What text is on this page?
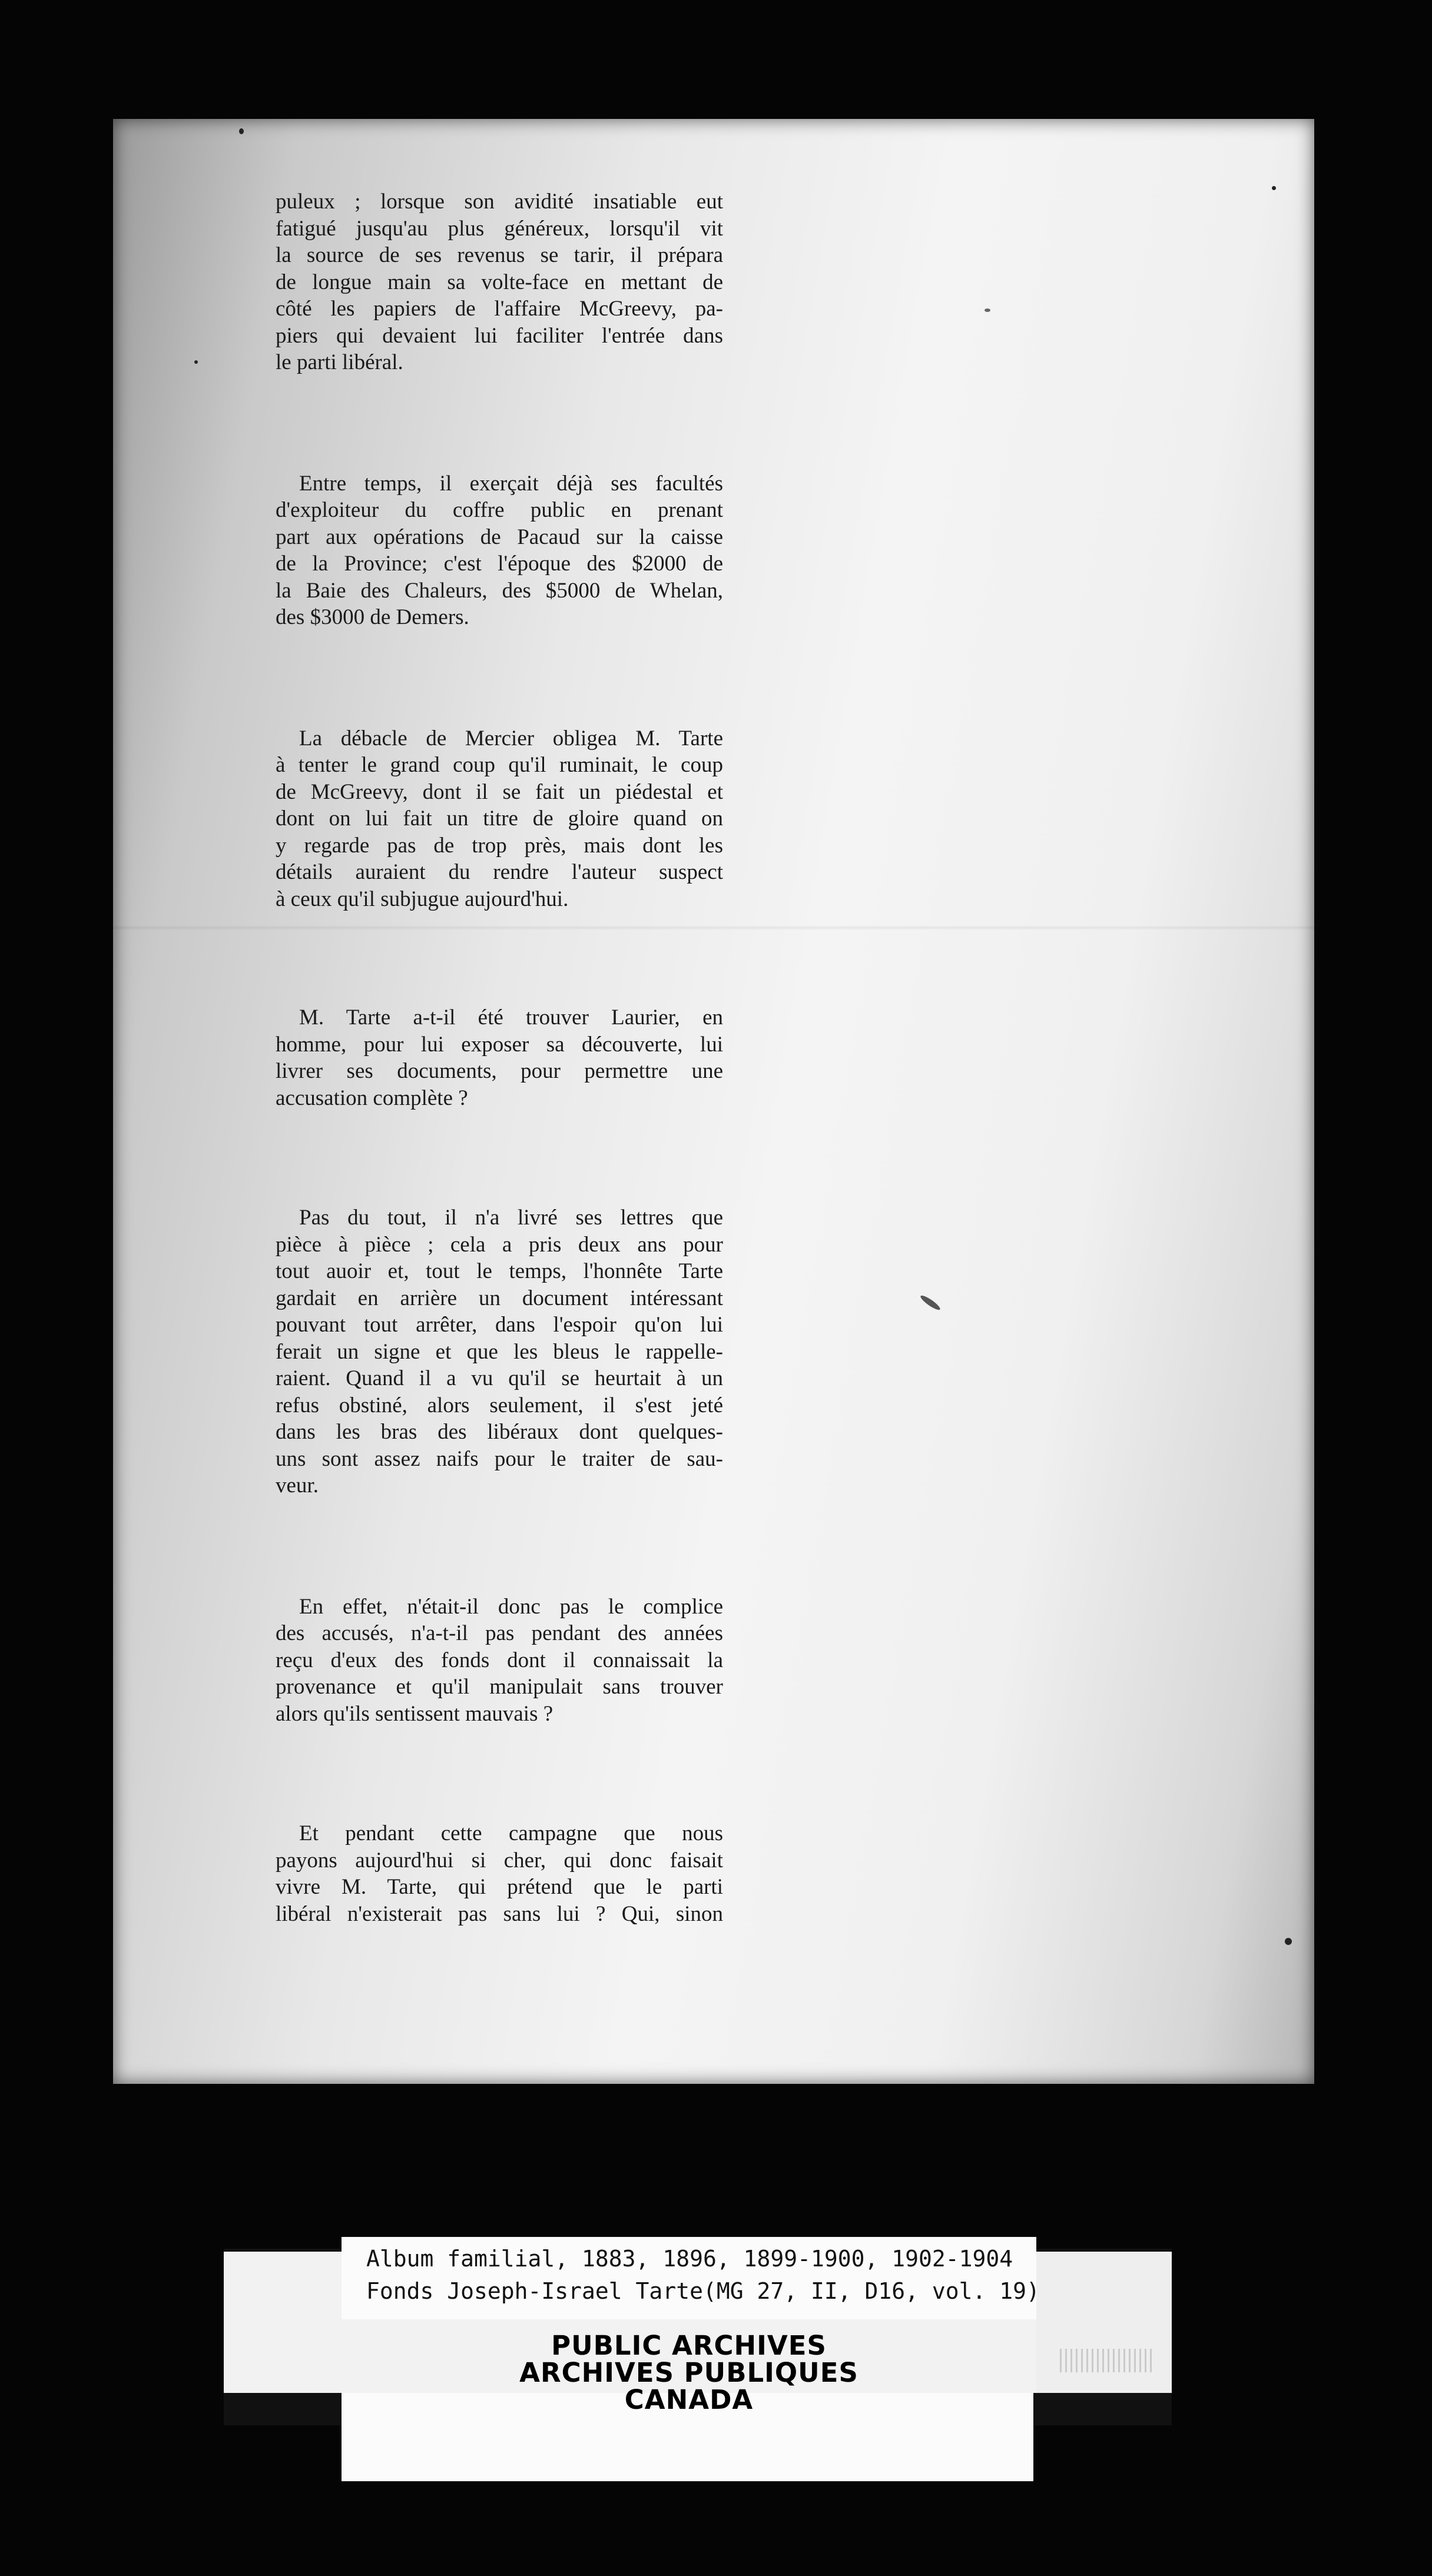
puleux ; lorsque son avidité insatiable eut
fatigué jusqu'au plus généreux, lorsqu'il vit
la source de ses revenus se tarir, il prépara
de longue main sa volte-face en mettant de
côté les papiers de l'affaire McGreevy, pa-
piers qui devaient lui faciliter l'entrée dans
le parti libéral.

Entre temps, il exerçait déjà ses facultés
d'exploiteur du coffre public en prenant
part aux opérations de Pacaud sur la caisse
de la Province; c'est l'époque des $2000 de
la Baie des Chaleurs, des $5000 de Whelan,
des $3000 de Demers.

La débacle de Mercier obligea M. Tarte
à tenter le grand coup qu'il ruminait, le coup
de McGreevy, dont il se fait un piédestal et
dont on lui fait un titre de gloire quand on
y regarde pas de trop près, mais dont les
détails auraient du rendre l'auteur suspect
à ceux qu'il subjugue aujourd'hui.

M. Tarte a-t-il été trouver Laurier, en
homme, pour lui exposer sa découverte, lui
livrer ses documents, pour permettre une
accusation complète ?

Pas du tout, il n'a livré ses lettres que
pièce à pièce ; cela a pris deux ans pour
tout auoir et, tout le temps, l'honnête Tarte
gardait en arrière un document intéressant
pouvant tout arrêter, dans l'espoir qu'on lui
ferait un signe et que les bleus le rappelle-
raient. Quand il a vu qu'il se heurtait à un
refus obstiné, alors seulement, il s'est jeté
dans les bras des libéraux dont quelques-
uns sont assez naifs pour le traiter de sau-
veur.

En effet, n'était-il donc pas le complice
des accusés, n'a-t-il pas pendant des années
reçu d'eux des fonds dont il connaissait la
provenance et qu'il manipulait sans trouver
alors qu'ils sentissent mauvais ?

Et pendant cette campagne que nous
payons aujourd'hui si cher, qui donc faisait
vivre M. Tarte, qui prétend que le parti
libéral n'existerait pas sans lui ? Qui, sinon

Album familial, 1883, 1896, 1899-1900, 1902-1904
Fonds Joseph-Israel Tarte(MG 27, II, D16, vol. 19)
PUBLIC ARCHIVES
ARCHIVES PUBLIQUES
CANADA
